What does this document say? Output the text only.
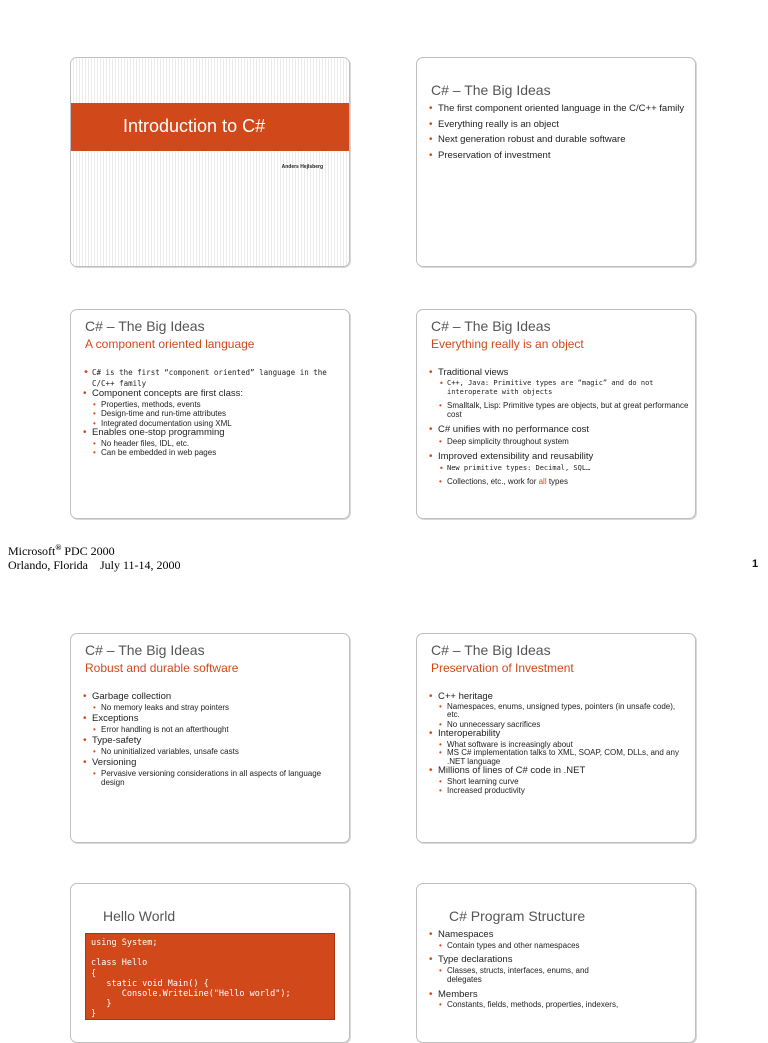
Introduction to C#
Anders Hejlsberg
C# – The Big Ideas
• The first component oriented language in the C/C++ family
• Everything really is an object
• Next generation robust and durable software
• Preservation of investment
C# – The Big Ideas
A component oriented language
• C# is the first “component oriented” language in the C/C++ family
• Component concepts are first class:
• Properties, methods, events
• Design-time and run-time attributes
• Integrated documentation using XML
• Enables one-stop programming
• No header files, IDL, etc.
• Can be embedded in web pages
C# – The Big Ideas
Everything really is an object
• Traditional views
• C++, Java: Primitive types are “magic” and do not interoperate with objects
• Smalltalk, Lisp: Primitive types are objects, but at great performance cost
• C# unifies with no performance cost
• Deep simplicity throughout system
• Improved extensibility and reusability
• New primitive types: Decimal, SQL…
• Collections, etc., work for all types
Microsoft® PDC 2000
Orlando, Florida    July 11-14, 2000	1
C# – The Big Ideas
Robust and durable software
• Garbage collection
• No memory leaks and stray pointers
• Exceptions
• Error handling is not an afterthought
• Type-safety
• No uninitialized variables, unsafe casts
• Versioning
• Pervasive versioning considerations in all aspects of language design
C# – The Big Ideas
Preservation of Investment
• C++ heritage
• Namespaces, enums, unsigned types, pointers (in unsafe code), etc.
• No unnecessary sacrifices
• Interoperability
• What software is increasingly about
• MS C# implementation talks to XML, SOAP, COM, DLLs, and any .NET language
• Millions of lines of C# code in .NET
• Short learning curve
• Increased productivity
Hello World
using System;

class Hello
{
static void Main() {
Console.WriteLine("Hello world");
}
}
C# Program Structure
• Namespaces
• Contain types and other namespaces
• Type declarations
• Classes, structs, interfaces, enums, and delegates
• Members
• Constants, fields, methods, properties, indexers,
